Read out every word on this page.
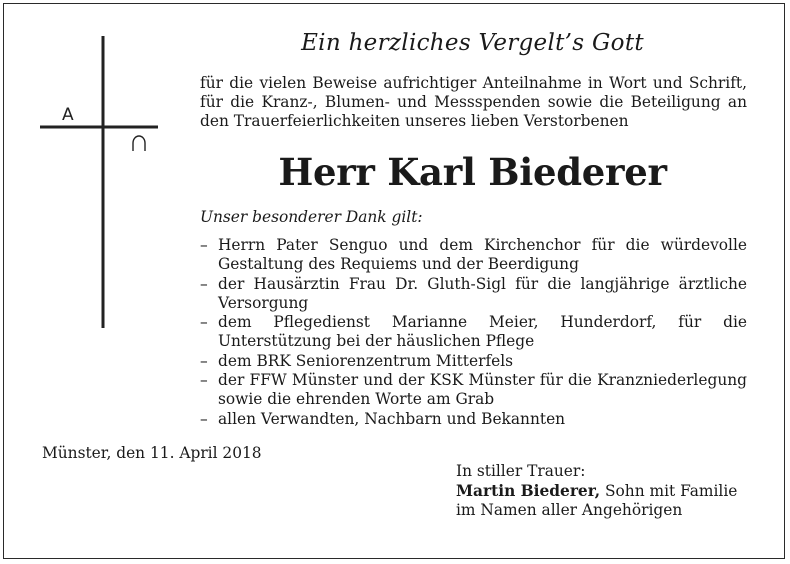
A
Ein herzliches Vergelt’s Gott
für die vielen Beweise aufrichtiger Anteilnahme in Wort und Schrift, für die Kranz-, Blumen- und Messspenden sowie die Beteiligung an den Trauerfeierlichkeiten unseres lieben Verstorbenen
Herr Karl Biederer
Unser besonderer Dank gilt:
– Herrn Pater Senguo und dem Kirchenchor für die würdevolle Gestaltung des Requiems und der Beerdigung
– der Hausärztin Frau Dr. Gluth-Sigl für die langjährige ärztliche Versorgung
– dem Pflegedienst Marianne Meier, Hunderdorf, für die Unterstützung bei der häuslichen Pflege
– dem BRK Seniorenzentrum Mitterfels
– der FFW Münster und der KSK Münster für die Kranzniederlegung sowie die ehrenden Worte am Grab
– allen Verwandten, Nachbarn und Bekannten
Münster, den 11. April 2018
In stiller Trauer:
Martin Biederer, Sohn mit Familie
im Namen aller Angehörigen
